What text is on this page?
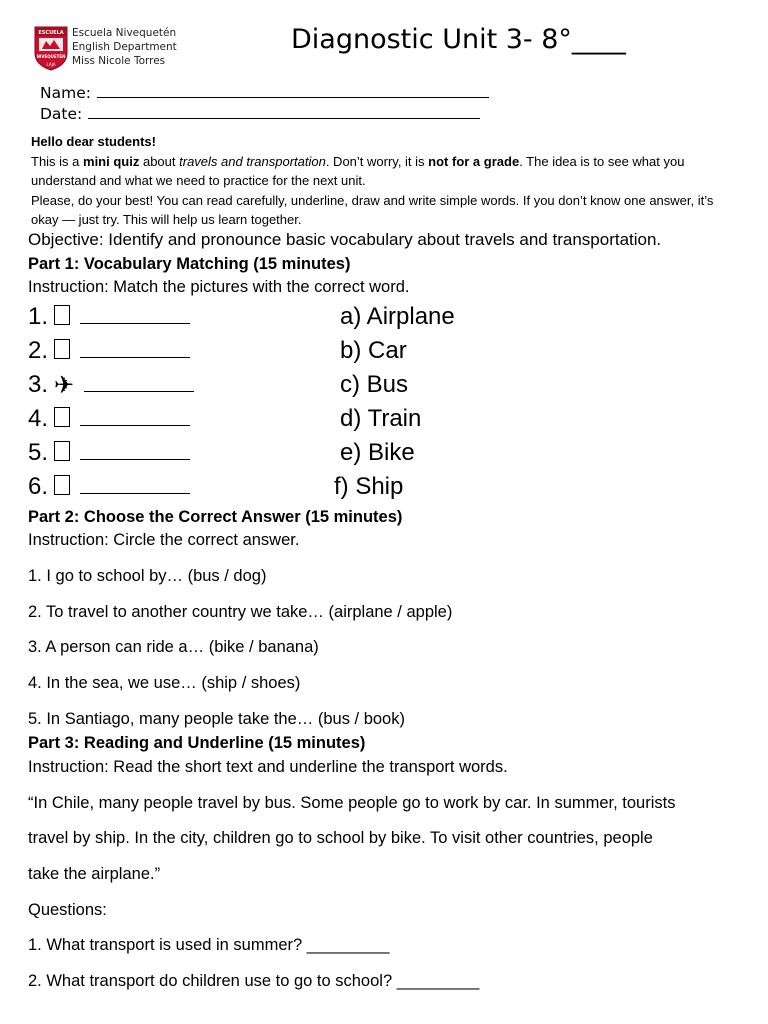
ESCUELA
NIVEQUETÉN
LAJA
Escuela Nivequetén
English Department
Miss Nicole Torres
Diagnostic Unit 3- 8°____
Name:
Date:

Hello dear students!

This is a mini quiz about travels and transportation. Don’t worry, it is not for a grade. The idea is to see what you understand and what we need to practice for the next unit.

Please, do your best! You can read carefully, underline, draw and write simple words. If you don’t know one answer, it’s okay — just try. This will help us learn together.

Objective: Identify and pronounce basic vocabulary about travels and transportation.
Part 1: Vocabulary Matching (15 minutes)
Instruction: Match the pictures with the correct word.
1.
2.
3. ✈
4.
5.
6.
a) Airplane
b) Car
c) Bus
d) Train
e) Bike
f) Ship
Part 2: Choose the Correct Answer (15 minutes)
Instruction: Circle the correct answer.
1. I go to school by… (bus / dog)
2. To travel to another country we take… (airplane / apple)
3. A person can ride a… (bike / banana)
4. In the sea, we use… (ship / shoes)
5. In Santiago, many people take the… (bus / book)
Part 3: Reading and Underline (15 minutes)
Instruction: Read the short text and underline the transport words.
“In Chile, many people travel by bus. Some people go to work by car. In summer, tourists
travel by ship. In the city, children go to school by bike. To visit other countries, people
take the airplane.”
Questions:
1. What transport is used in summer? _________
2. What transport do children use to go to school? _________
